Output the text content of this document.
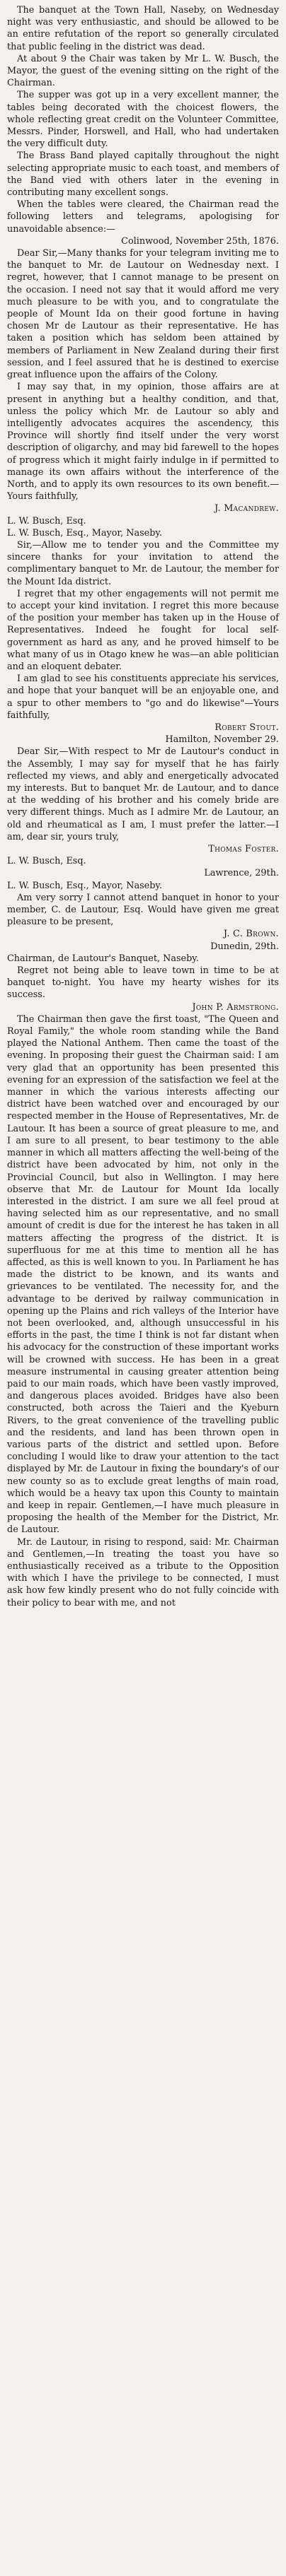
The banquet at the Town Hall, Naseby, on Wednesday night was very enthusiastic, and should be allowed to be an entire refutation of the report so generally circulated that public feeling in the district was dead.

At about 9 the Chair was taken by Mr L. W. Busch, the Mayor, the guest of the evening sitting on the right of the Chairman.

The supper was got up in a very excellent manner, the tables being decorated with the choicest flowers, the whole reflecting great credit on the Volunteer Committee, Messrs. Pinder, Horswell, and Hall, who had undertaken the very difficult duty.

The Brass Band played capitally throughout the night selecting appropriate music to each toast, and members of the Band vied with others later in the evening in contributing many excellent songs.

When the tables were cleared, the Chairman read the following letters and telegrams, apologising for unavoidable absence:—

Colinwood, November 25th, 1876.

Dear Sir,—Many thanks for your telegram inviting me to the banquet to Mr. de Lautour on Wednesday next. I regret, however, that I cannot manage to be present on the occasion. I need not say that it would afford me very much pleasure to be with you, and to congratulate the people of Mount Ida on their good fortune in having chosen Mr de Lautour as their representative. He has taken a position which has seldom been attained by members of Parliament in New Zealand during their first session, and I feel assured that he is destined to exercise great influence upon the affairs of the Colony.

I may say that, in my opinion, those affairs are at present in anything but a healthy condition, and that, unless the policy which Mr. de Lautour so ably and intelligently advocates acquires the ascendency, this Province will shortly find itself under the very worst description of oligarchy, and may bid farewell to the hopes of progress which it might fairly indulge in if permitted to manage its own affairs without the interference of the North, and to apply its own resources to its own benefit.—Yours faithfully,

J. Macandrew.

L. W. Busch, Esq.

L. W. Busch, Esq., Mayor, Naseby.

Sir,—Allow me to tender you and the Committee my sincere thanks for your invitation to attend the complimentary banquet to Mr. de Lautour, the member for the Mount Ida district.

I regret that my other engagements will not permit me to accept your kind invitation. I regret this more because of the position your member has taken up in the House of Representatives. Indeed he fought for local self-government as hard as any, and he proved himself to be what many of us in Otago knew he was—an able politician and an eloquent debater.

I am glad to see his constituents appreciate his services, and hope that your banquet will be an enjoyable one, and a spur to other members to "go and do likewise"—Yours faithfully,

Robert Stout.

Hamilton, November 29.

Dear Sir,—With respect to Mr de Lautour's conduct in the Assembly, I may say for myself that he has fairly reflected my views, and ably and energetically advocated my interests. But to banquet Mr. de Lautour, and to dance at the wedding of his brother and his comely bride are very different things. Much as I admire Mr. de Lautour, an old and rheumatical as I am, I must prefer the latter.—I am, dear sir, yours truly,

Thomas Foster.

L. W. Busch, Esq.

Lawrence, 29th.

L. W. Busch, Esq., Mayor, Naseby.

Am very sorry I cannot attend banquet in honor to your member, C. de Lautour, Esq. Would have given me great pleasure to be present,

J. C. Brown.

Dunedin, 29th.

Chairman, de Lautour's Banquet, Naseby.

Regret not being able to leave town in time to be at banquet to-night. You have my hearty wishes for its success.

John P. Armstrong.

The Chairman then gave the first toast, "The Queen and Royal Family," the whole room standing while the Band played the National Anthem. Then came the toast of the evening. In proposing their guest the Chairman said: I am very glad that an opportunity has been presented this evening for an expression of the satisfaction we feel at the manner in which the various interests affecting our district have been watched over and encouraged by our respected member in the House of Representatives, Mr. de Lautour. It has been a source of great pleasure to me, and I am sure to all present, to bear testimony to the able manner in which all matters affecting the well-being of the district have been advocated by him, not only in the Provincial Council, but also in Wellington. I may here observe that Mr. de Lautour for Mount Ida locally interested in the district. I am sure we all feel proud at having selected him as our representative, and no small amount of credit is due for the interest he has taken in all matters affecting the progress of the district. It is superfluous for me at this time to mention all he has affected, as this is well known to you. In Parliament he has made the district to be known, and its wants and grievances to be ventilated. The necessity for, and the advantage to be derived by railway communication in opening up the Plains and rich valleys of the Interior have not been overlooked, and, although unsuccessful in his efforts in the past, the time I think is not far distant when his advocacy for the construction of these important works will be crowned with success. He has been in a great measure instrumental in causing greater attention being paid to our main roads, which have been vastly improved, and dangerous places avoided. Bridges have also been constructed, both across the Taieri and the Kyeburn Rivers, to the great convenience of the travelling public and the residents, and land has been thrown open in various parts of the district and settled upon. Before concluding I would like to draw your attention to the tact displayed by Mr. de Lautour in fixing the boundary's of our new county so as to exclude great lengths of main road, which would be a heavy tax upon this County to maintain and keep in repair. Gentlemen,—I have much pleasure in proposing the health of the Member for the District, Mr. de Lautour.

Mr. de Lautour, in rising to respond, said: Mr. Chairman and Gentlemen,—In treating the toast you have so enthusiastically received as a tribute to the Opposition with which I have the privilege to be connected, I must ask how few kindly present who do not fully coincide with their policy to bear with me, and not
